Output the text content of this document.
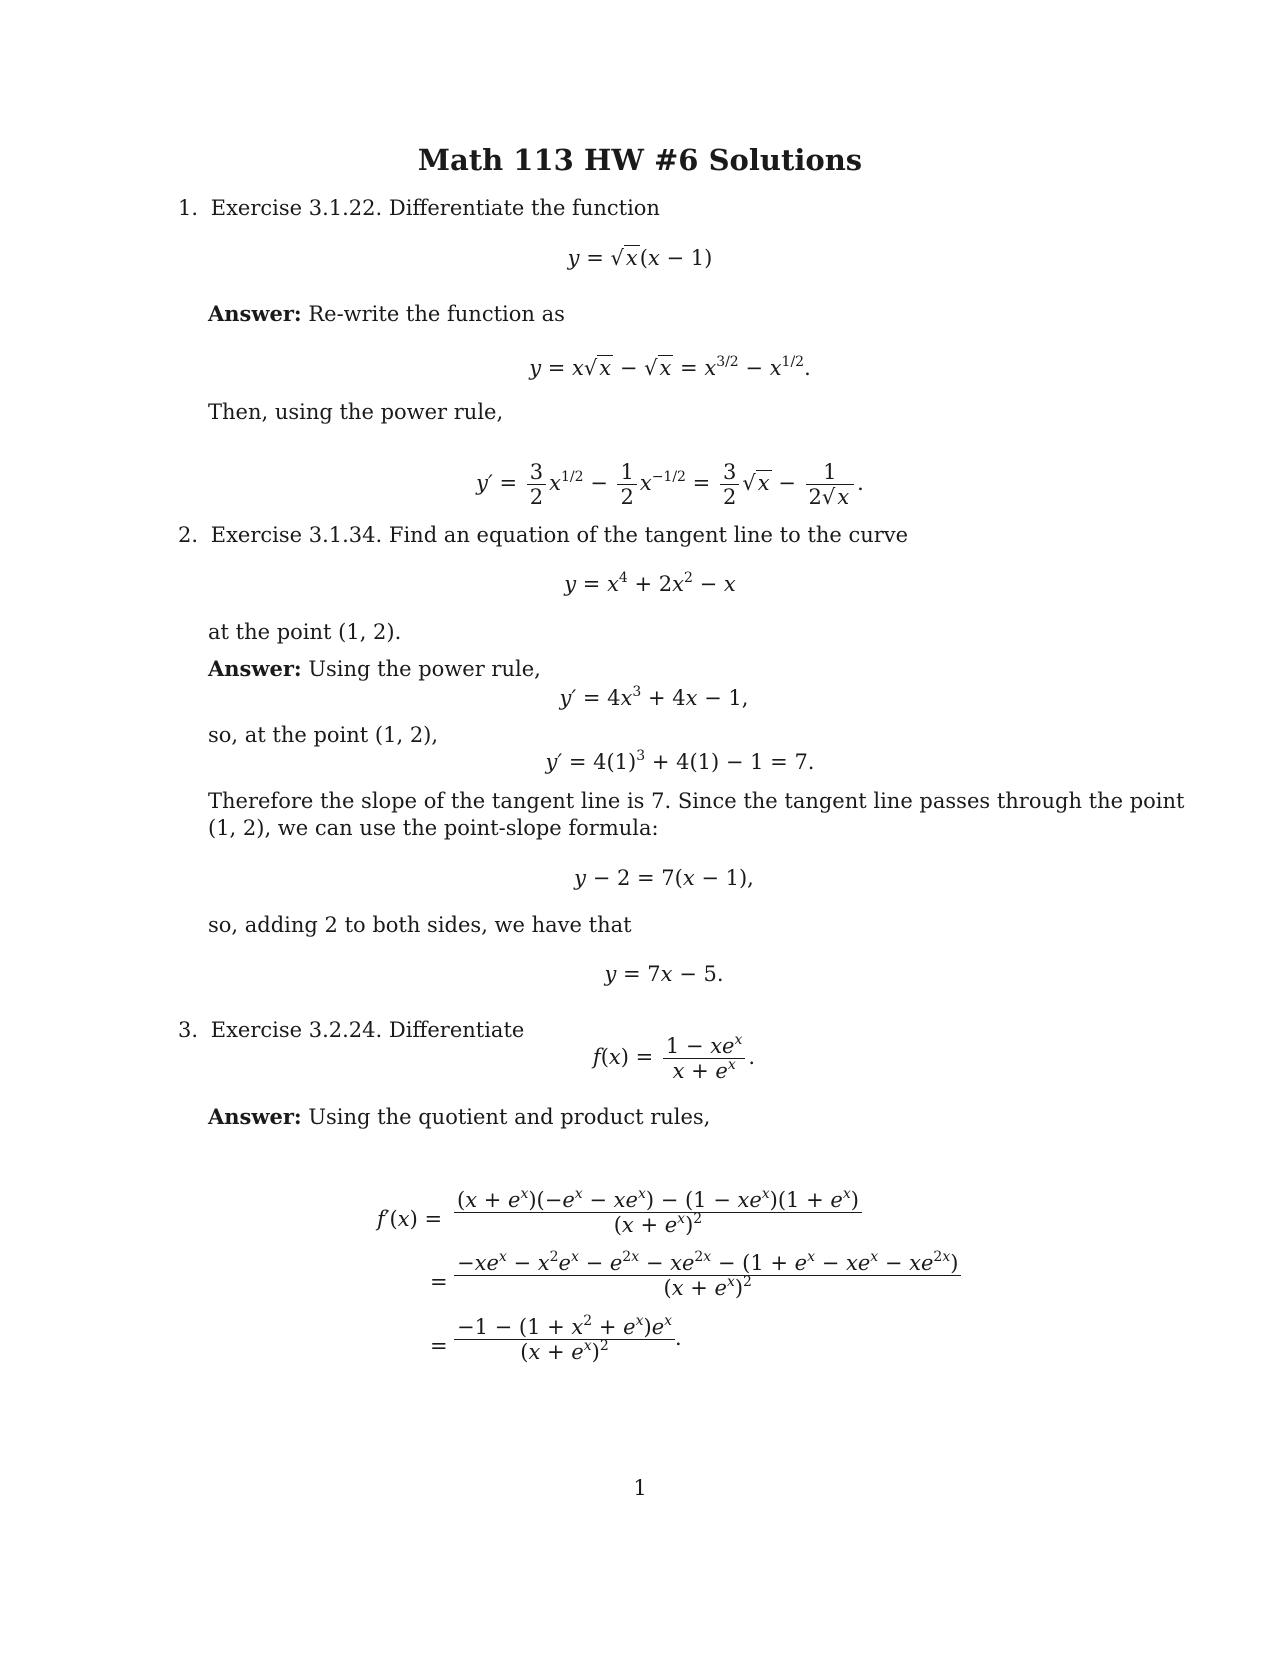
Math 113 HW #6 Solutions
1. Exercise 3.1.22. Differentiate the function
y = √x(x − 1)
Answer: Re-write the function as
$y = x√x - √x = x^{3/2} - x^{1/2}$.
Then, using the power rule,
$y' = \frac{3}{2} x^{1/2} - \frac{1}{2} x^{-1/2} = \frac{3}{2} √x - \frac{1}{2√x}$ .
2. Exercise 3.1.34. Find an equation of the tangent line to the curve
$y = x^4 + 2x^2 - x$
at the point (1, 2).
Answer: Using the power rule,
$y' = 4x^3 + 4x - 1$,
so, at the point (1, 2),
$y' = 4(1)^3 + 4(1) - 1 = 7$.
Therefore the slope of the tangent line is 7. Since the tangent line passes through the point
(1, 2), we can use the point-slope formula:
y − 2 = 7(x − 1),
so, adding 2 to both sides, we have that
y = 7x − 5.
3. Exercise 3.2.24. Differentiate
$f(x) = \frac{1 - xe^x}{x + e^x}$ .
Answer: Using the quotient and product rules,
$f'(x) = \frac{(x + e^x)(-e^x - xe^x) - (1 - xe^x)(1 + e^x)}{(x + e^x)^2}$
= $\frac{-xe^x - x^2e^x - e^{2x} - xe^{2x} - (1 + e^x - xe^x - xe^{2x})}{(x + e^x)^2}$
= $\frac{-1 - (1 + x^2 + e^x)e^x}{(x + e^x)^2}$ .
1
